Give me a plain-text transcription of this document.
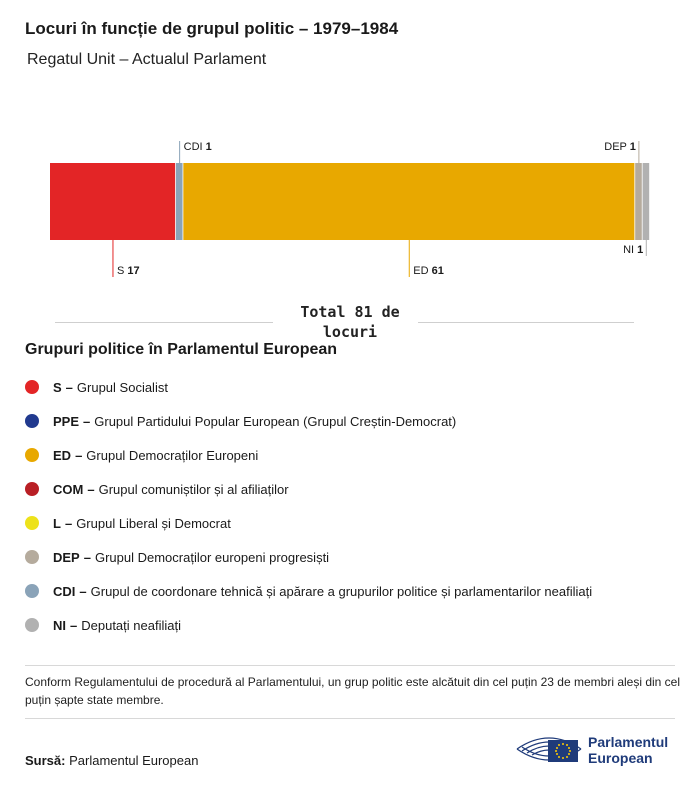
Locuri în funcție de grupul politic – 1979–1984
Regatul Unit – Actualul Parlament
S 17
CDI 1
ED 61
DEP 1
NI 1
Total 81 de locuri
Grupuri politice în Parlamentul European
S – Grupul Socialist
PPE – Grupul Partidului Popular European (Grupul Creștin-Democrat)
ED – Grupul Democraților Europeni
COM – Grupul comuniștilor și al afiliaților
L – Grupul Liberal și Democrat
DEP – Grupul Democraților europeni progresiști
CDI – Grupul de coordonare tehnică și apărare a grupurilor politice și parlamentarilor neafiliați
NI – Deputați neafiliați

Conform Regulamentului de procedură al Parlamentului, un grup politic este alcătuit din cel puțin 23 de membri aleși din cel puțin șapte state membre.

Sursă: Parlamentul European
Parlamentul
European
